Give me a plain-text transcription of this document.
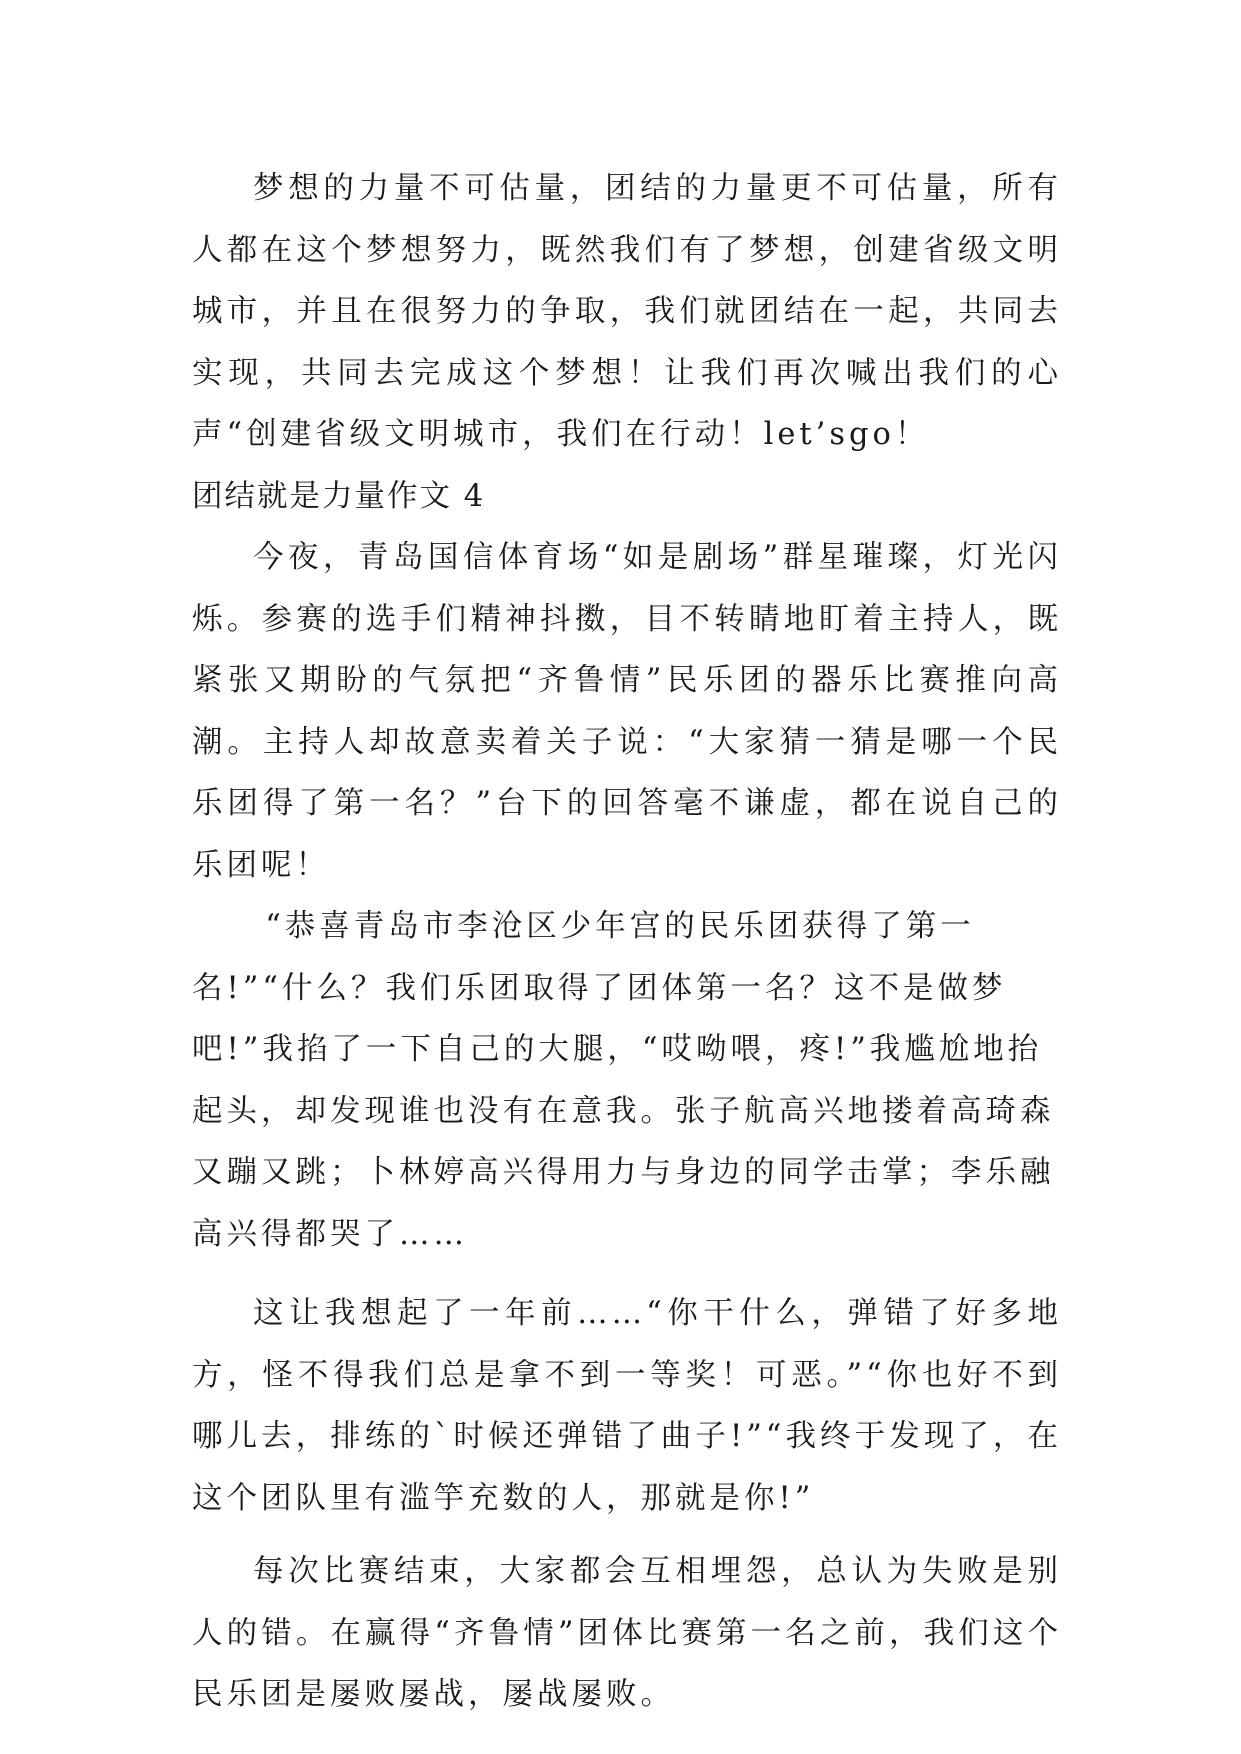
梦想的力量不可估量，团结的力量更不可估量，所有人都在这个梦想努力，既然我们有了梦想，创建省级文明城市，并且在很努力的争取，我们就团结在一起，共同去实现，共同去完成这个梦想！让我们再次喊出我们的心声“创建省级文明城市，我们在行动！let’sgo！

团结就是力量作文 4

今夜，青岛国信体育场“如是剧场”群星璀璨，灯光闪烁。参赛的选手们精神抖擞，目不转睛地盯着主持人，既紧张又期盼的气氛把“齐鲁情”民乐团的器乐比赛推向高潮。主持人却故意卖着关子说：“大家猜一猜是哪一个民乐团得了第一名？”台下的回答毫不谦虚，都在说自己的乐团呢！

“恭喜青岛市李沧区少年宫的民乐团获得了第一名!”“什么？我们乐团取得了团体第一名？这不是做梦吧!”我掐了一下自己的大腿，“哎呦喂，疼!”我尴尬地抬起头，却发现谁也没有在意我。张子航高兴地搂着高琦森又蹦又跳；卜林婷高兴得用力与身边的同学击掌；李乐融高兴得都哭了……

这让我想起了一年前……“你干什么，弹错了好多地方，怪不得我们总是拿不到一等奖！可恶。”“你也好不到哪儿去，排练的`时候还弹错了曲子!”“我终于发现了，在这个团队里有滥竽充数的人，那就是你!”

每次比赛结束，大家都会互相埋怨，总认为失败是别人的错。在赢得“齐鲁情”团体比赛第一名之前，我们这个民乐团是屡败屡战，屡战屡败。
